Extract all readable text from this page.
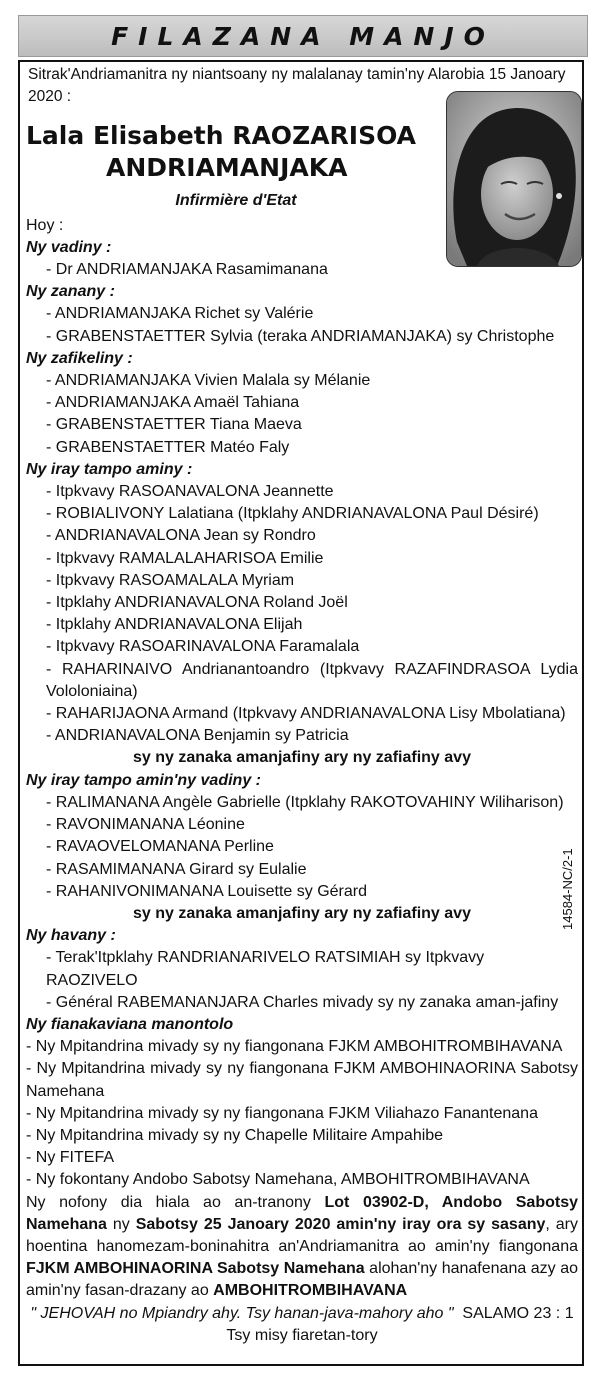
FILAZANA MANJO
14584-NC/2-1
Sitrak'Andriamanitra ny niantsoany ny malalanay tamin'ny Alarobia 15 Janoary 2020 :
Lala Elisabeth RAOZARISOA
ANDRIAMANJAKA
Infirmière d'Etat
Hoy :
Ny vadiny :
- Dr ANDRIAMANJAKA Rasamimanana
Ny zanany :
- ANDRIAMANJAKA Richet sy Valérie
- GRABENSTAETTER Sylvia (teraka ANDRIAMANJAKA) sy Christophe
Ny zafikeliny :
- ANDRIAMANJAKA Vivien Malala sy Mélanie
- ANDRIAMANJAKA Amaël Tahiana
- GRABENSTAETTER Tiana Maeva
- GRABENSTAETTER Matéo Faly
Ny iray tampo aminy :
- Itpkvavy RASOANAVALONA Jeannette
- ROBIALIVONY Lalatiana (Itpklahy ANDRIANAVALONA Paul Désiré)
- ANDRIANAVALONA Jean sy Rondro
- Itpkvavy RAMALALAHARISOA Emilie
- Itpkvavy RASOAMALALA Myriam
- Itpklahy ANDRIANAVALONA Roland Joël
- Itpklahy ANDRIANAVALONA Elijah
- Itpkvavy RASOARINAVALONA Faramalala
- RAHARINAIVO Andrianantoandro (Itpkvavy RAZAFINDRASOA Lydia Vololoniaina)
- RAHARIJAONA Armand (Itpkvavy ANDRIANAVALONA Lisy Mbolatiana)
- ANDRIANAVALONA Benjamin sy Patricia
sy ny zanaka amanjafiny ary ny zafiafiny avy
Ny iray tampo amin'ny vadiny :
- RALIMANANA Angèle Gabrielle (Itpklahy RAKOTOVAHINY Wiliharison)
- RAVONIMANANA Léonine
- RAVAOVELOMANANA Perline
- RASAMIMANANA Girard sy Eulalie
- RAHANIVONIMANANA Louisette sy Gérard
sy ny zanaka amanjafiny ary ny zafiafiny avy
Ny havany :
- Terak'Itpklahy RANDRIANARIVELO RATSIMIAH sy Itpkvavy RAOZIVELO
- Général RABEMANANJARA Charles mivady sy ny zanaka aman-jafiny
Ny fianakaviana manontolo
- Ny Mpitandrina mivady sy ny fiangonana FJKM AMBOHITROMBIHAVANA
- Ny Mpitandrina mivady sy ny fiangonana FJKM AMBOHINAORINA Sabotsy Namehana
- Ny Mpitandrina mivady sy ny fiangonana FJKM Viliahazo Fanantenana
- Ny Mpitandrina mivady sy ny Chapelle Militaire Ampahibe
- Ny FITEFA
- Ny fokontany Andobo Sabotsy Namehana, AMBOHITROMBIHAVANA
Ny nofony dia hiala ao an-tranony Lot 03902-D, Andobo Sabotsy Namehana ny Sabotsy 25 Janoary 2020 amin'ny iray ora sy sasany, ary hoentina hanomezam-boninahitra an'Andriamanitra ao amin'ny fiangonana FJKM AMBOHINAORINA Sabotsy Namehana alohan'ny hanafenana azy ao amin'ny fasan-drazany ao AMBOHITROMBIHAVANA
" JEHOVAH no Mpiandry ahy. Tsy hanan-java-mahory aho " SALAMO 23 : 1
Tsy misy fiaretan-tory
